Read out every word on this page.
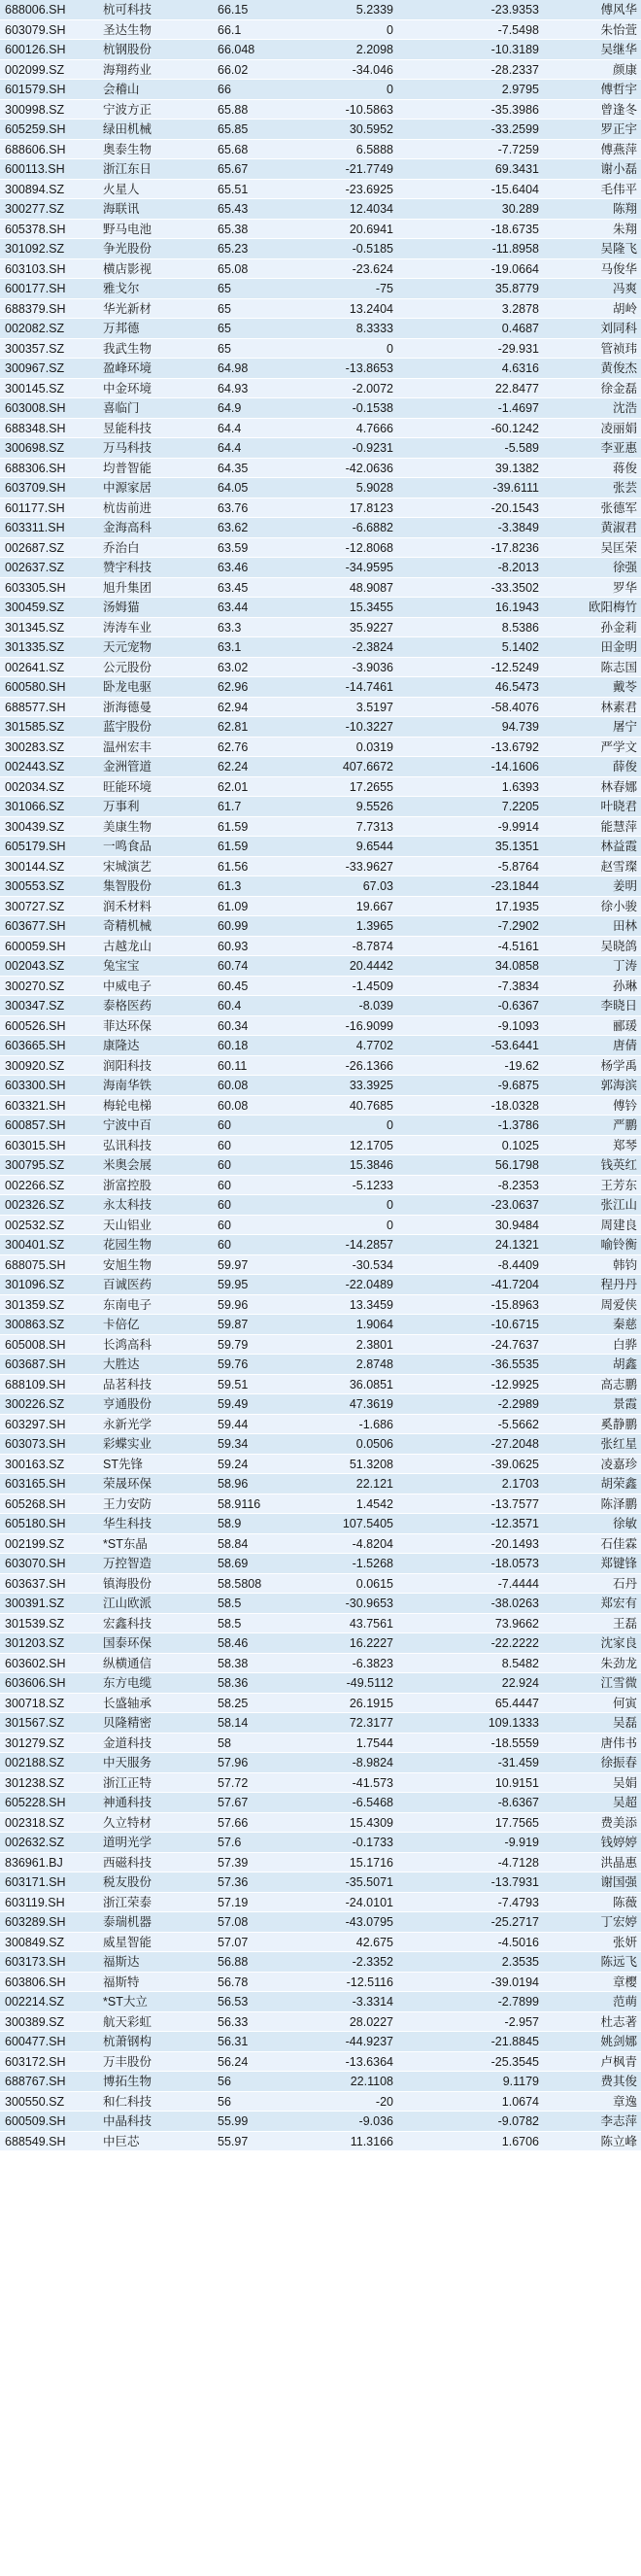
688006.SH	杭可科技	66.15	5.2339	-23.9353	傅风华
603079.SH	圣达生物	66.1	0	-7.5498	朱怡萱
600126.SH	杭钢股份	66.048	2.2098	-10.3189	吴继华
002099.SZ	海翔药业	66.02	-34.046	-28.2337	颜康
601579.SH	会稽山	66	0	2.9795	傅哲宇
300998.SZ	宁波方正	65.88	-10.5863	-35.3986	曾逢冬
605259.SH	绿田机械	65.85	30.5952	-33.2599	罗正宇
688606.SH	奥泰生物	65.68	6.5888	-7.7259	傅燕萍
600113.SH	浙江东日	65.67	-21.7749	69.3431	谢小磊
300894.SZ	火星人	65.51	-23.6925	-15.6404	毛伟平
300277.SZ	海联讯	65.43	12.4034	30.289	陈翔
605378.SH	野马电池	65.38	20.6941	-18.6735	朱翔
301092.SZ	争光股份	65.23	-0.5185	-11.8958	吴隆飞
603103.SH	横店影视	65.08	-23.624	-19.0664	马俊华
600177.SH	雅戈尔	65	-75	35.8779	冯爽
688379.SH	华光新材	65	13.2404	3.2878	胡岭
002082.SZ	万邦德	65	8.3333	0.4687	刘同科
300357.SZ	我武生物	65	0	-29.931	管祯玮
300967.SZ	盈峰环境	64.98	-13.8653	4.6316	黄俊杰
300145.SZ	中金环境	64.93	-2.0072	22.8477	徐金磊
603008.SH	喜临门	64.9	-0.1538	-1.4697	沈浩
688348.SH	昱能科技	64.4	4.7666	-60.1242	凌丽娟
300698.SZ	万马科技	64.4	-0.9231	-5.589	李亚惠
688306.SH	均普智能	64.35	-42.0636	39.1382	蒋俊
603709.SH	中源家居	64.05	5.9028	-39.6111	张芸
601177.SH	杭齿前进	63.76	17.8123	-20.1543	张德军
603311.SH	金海高科	63.62	-6.6882	-3.3849	黄淑君
002687.SZ	乔治白	63.59	-12.8068	-17.8236	吴匡荣
002637.SZ	赞宇科技	63.46	-34.9595	-8.2013	徐强
603305.SH	旭升集团	63.45	48.9087	-33.3502	罗华
300459.SZ	汤姆猫	63.44	15.3455	16.1943	欧阳梅竹
301345.SZ	涛涛车业	63.3	35.9227	8.5386	孙金莉
301335.SZ	天元宠物	63.1	-2.3824	5.1402	田金明
002641.SZ	公元股份	63.02	-3.9036	-12.5249	陈志国
600580.SH	卧龙电驱	62.96	-14.7461	46.5473	戴苓
688577.SH	浙海德曼	62.94	3.5197	-58.4076	林素君
301585.SZ	蓝宇股份	62.81	-10.3227	94.739	屠宁
300283.SZ	温州宏丰	62.76	0.0319	-13.6792	严学文
002443.SZ	金洲管道	62.24	407.6672	-14.1606	薛俊
002034.SZ	旺能环境	62.01	17.2655	1.6393	林春娜
301066.SZ	万事利	61.7	9.5526	7.2205	叶晓君
300439.SZ	美康生物	61.59	7.7313	-9.9914	能慧萍
605179.SH	一鸣食品	61.59	9.6544	35.1351	林益霞
300144.SZ	宋城演艺	61.56	-33.9627	-5.8764	赵雪璨
300553.SZ	集智股份	61.3	67.03	-23.1844	姜明
300727.SZ	润禾材料	61.09	19.667	17.1935	徐小骏
603677.SH	奇精机械	60.99	1.3965	-7.2902	田林
600059.SH	古越龙山	60.93	-8.7874	-4.5161	吴晓鸽
002043.SZ	兔宝宝	60.74	20.4442	34.0858	丁涛
300270.SZ	中威电子	60.45	-1.4509	-7.3834	孙琳
300347.SZ	泰格医药	60.4	-8.039	-0.6367	李晓日
600526.SH	菲达环保	60.34	-16.9099	-9.1093	郦瑗
603665.SH	康隆达	60.18	4.7702	-53.6441	唐倩
300920.SZ	润阳科技	60.11	-26.1366	-19.62	杨学禹
603300.SH	海南华铁	60.08	33.3925	-9.6875	郭海滨
603321.SH	梅轮电梯	60.08	40.7685	-18.0328	傅钤
600857.SH	宁波中百	60	0	-1.3786	严鹏
603015.SH	弘讯科技	60	12.1705	0.1025	郑琴
300795.SZ	米奥会展	60	15.3846	56.1798	钱英红
002266.SZ	浙富控股	60	-5.1233	-8.2353	王芳东
002326.SZ	永太科技	60	0	-23.0637	张江山
002532.SZ	天山铝业	60	0	30.9484	周建良
300401.SZ	花园生物	60	-14.2857	24.1321	喻铃衡
688075.SH	安旭生物	59.97	-30.534	-8.4409	韩钧
301096.SZ	百诚医药	59.95	-22.0489	-41.7204	程丹丹
301359.SZ	东南电子	59.96	13.3459	-15.8963	周爱侠
300863.SZ	卡倍亿	59.87	1.9064	-10.6715	秦慈
605008.SH	长鸿高科	59.79	2.3801	-24.7637	白骅
603687.SH	大胜达	59.76	2.8748	-36.5535	胡鑫
688109.SH	品茗科技	59.51	36.0851	-12.9925	高志鹏
300226.SZ	亨通股份	59.49	47.3619	-2.2989	景霞
603297.SH	永新光学	59.44	-1.686	-5.5662	奚静鹏
603073.SH	彩蝶实业	59.34	0.0506	-27.2048	张红星
300163.SZ	ST先锋	59.24	51.3208	-39.0625	凌嘉珍
603165.SH	荣晟环保	58.96	22.121	2.1703	胡荣鑫
605268.SH	王力安防	58.9116	1.4542	-13.7577	陈泽鹏
605180.SH	华生科技	58.9	107.5405	-12.3571	徐敏
002199.SZ	*ST东晶	58.84	-4.8204	-20.1493	石佳霖
603070.SH	万控智造	58.69	-1.5268	-18.0573	郑键锋
603637.SH	镇海股份	58.5808	0.0615	-7.4444	石丹
300391.SZ	江山欧派	58.5	-30.9653	-38.0263	郑宏有
301539.SZ	宏鑫科技	58.5	43.7561	73.9662	王磊
301203.SZ	国泰环保	58.46	16.2227	-22.2222	沈家良
603602.SH	纵横通信	58.38	-6.3823	8.5482	朱劲龙
603606.SH	东方电缆	58.36	-49.5112	22.924	江雪微
300718.SZ	长盛轴承	58.25	26.1915	65.4447	何寅
301567.SZ	贝隆精密	58.14	72.3177	109.1333	吴磊
301279.SZ	金道科技	58	1.7544	-18.5559	唐伟书
002188.SZ	中天服务	57.96	-8.9824	-31.459	徐振春
301238.SZ	浙江正特	57.72	-41.573	10.9151	吴娟
605228.SH	神通科技	57.67	-6.5468	-8.6367	吴超
002318.SZ	久立特材	57.66	15.4309	17.7565	费美添
002632.SZ	道明光学	57.6	-0.1733	-9.919	钱婷婷
836961.BJ	西磁科技	57.39	15.1716	-4.7128	洪晶惠
603171.SH	税友股份	57.36	-35.5071	-13.7931	谢国强
603119.SH	浙江荣泰	57.19	-24.0101	-7.4793	陈薇
603289.SH	泰瑞机器	57.08	-43.0795	-25.2717	丁宏婷
300849.SZ	威星智能	57.07	42.675	-4.5016	张妍
603173.SH	福斯达	56.88	-2.3352	2.3535	陈远飞
603806.SH	福斯特	56.78	-12.5116	-39.0194	章樱
002214.SZ	*ST大立	56.53	-3.3314	-2.7899	范萌
300389.SZ	航天彩虹	56.33	28.0227	-2.957	杜志著
600477.SH	杭萧钢构	56.31	-44.9237	-21.8845	姚剑娜
603172.SH	万丰股份	56.24	-13.6364	-25.3545	卢枫青
688767.SH	博拓生物	56	22.1108	9.1179	费其俊
300550.SZ	和仁科技	56	-20	1.0674	章逸
600509.SH	中晶科技	55.99	-9.036	-9.0782	李志萍
688549.SH	中巨芯	55.97	11.3166	1.6706	陈立峰
